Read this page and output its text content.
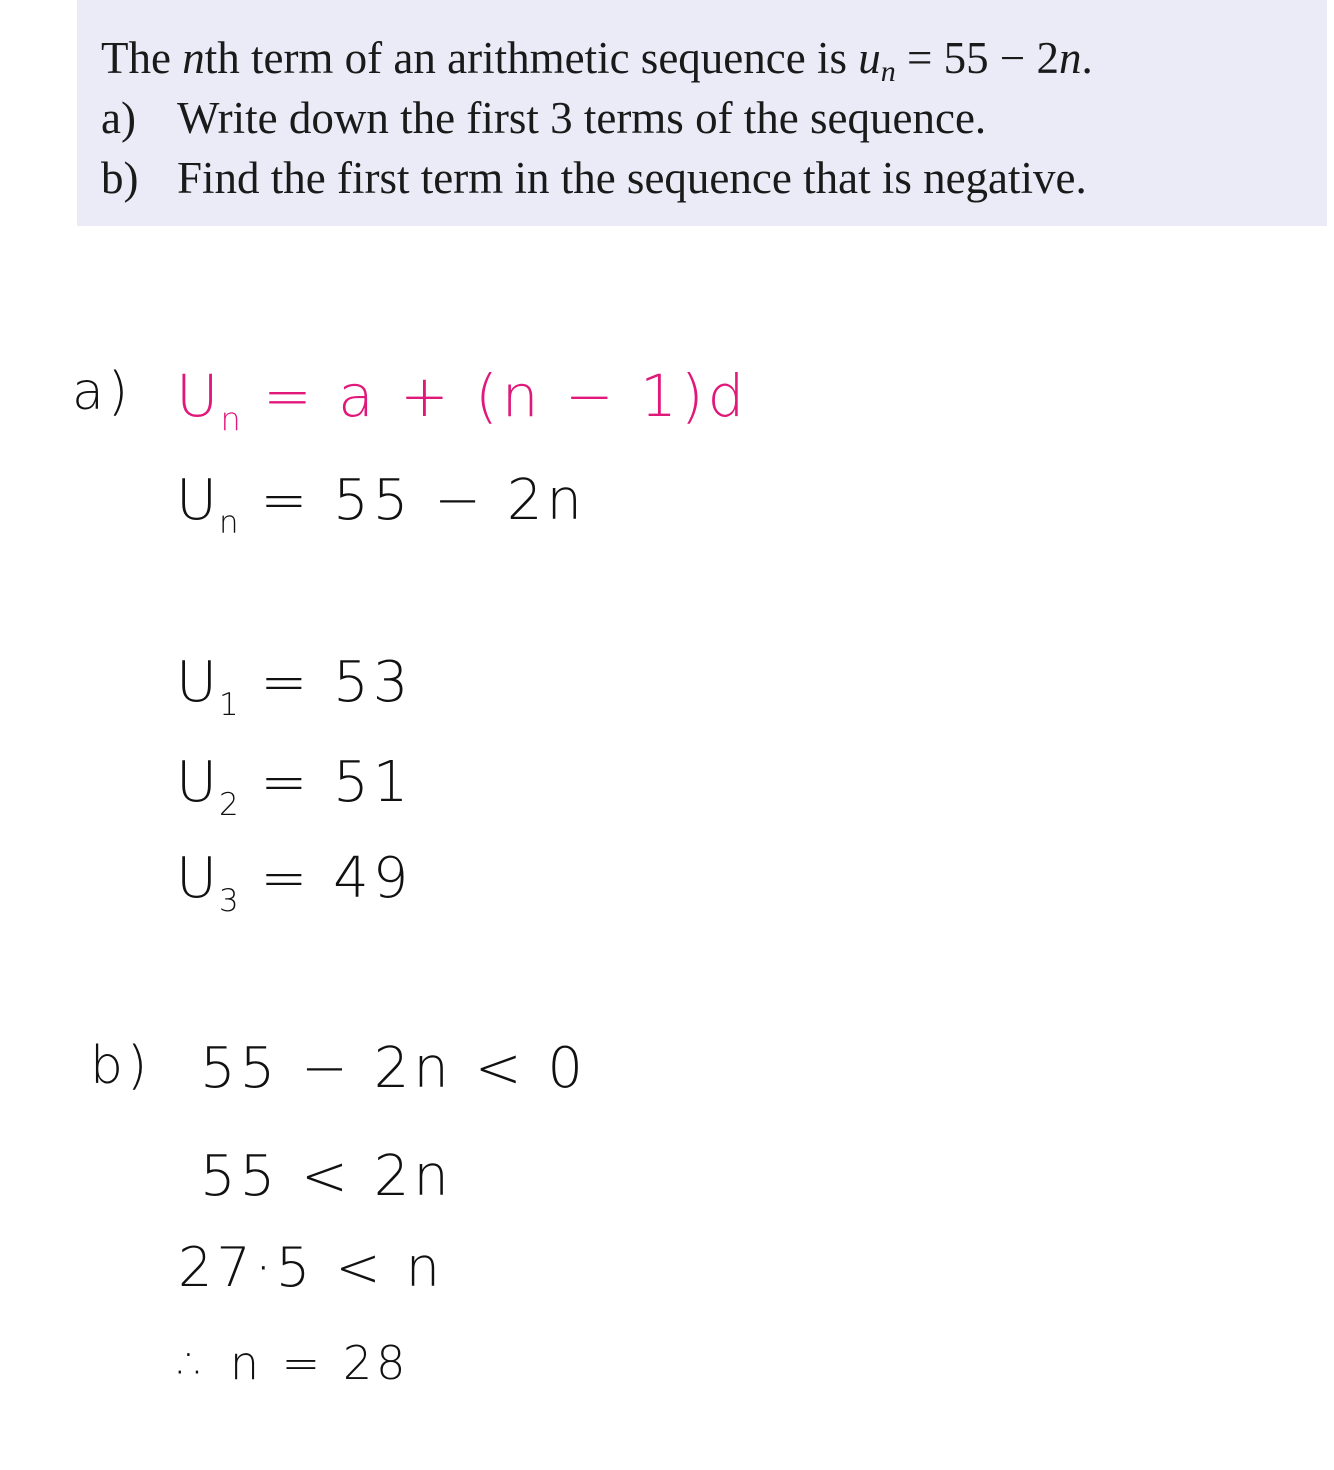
The nth term of an arithmetic sequence is $u_n = 55 - 2n$.
a) Write down the first 3 terms of the sequence.
b) Find the first term in the sequence that is negative.
a) $U_n = a + (n - 1)d$
$U_n = 55 - 2n$
$U_1 = 53$
$U_2 = 51$
$U_3 = 49$
b) 55 − 2n < 0
55 < 2n
27·5 < n
∴ n = 28
